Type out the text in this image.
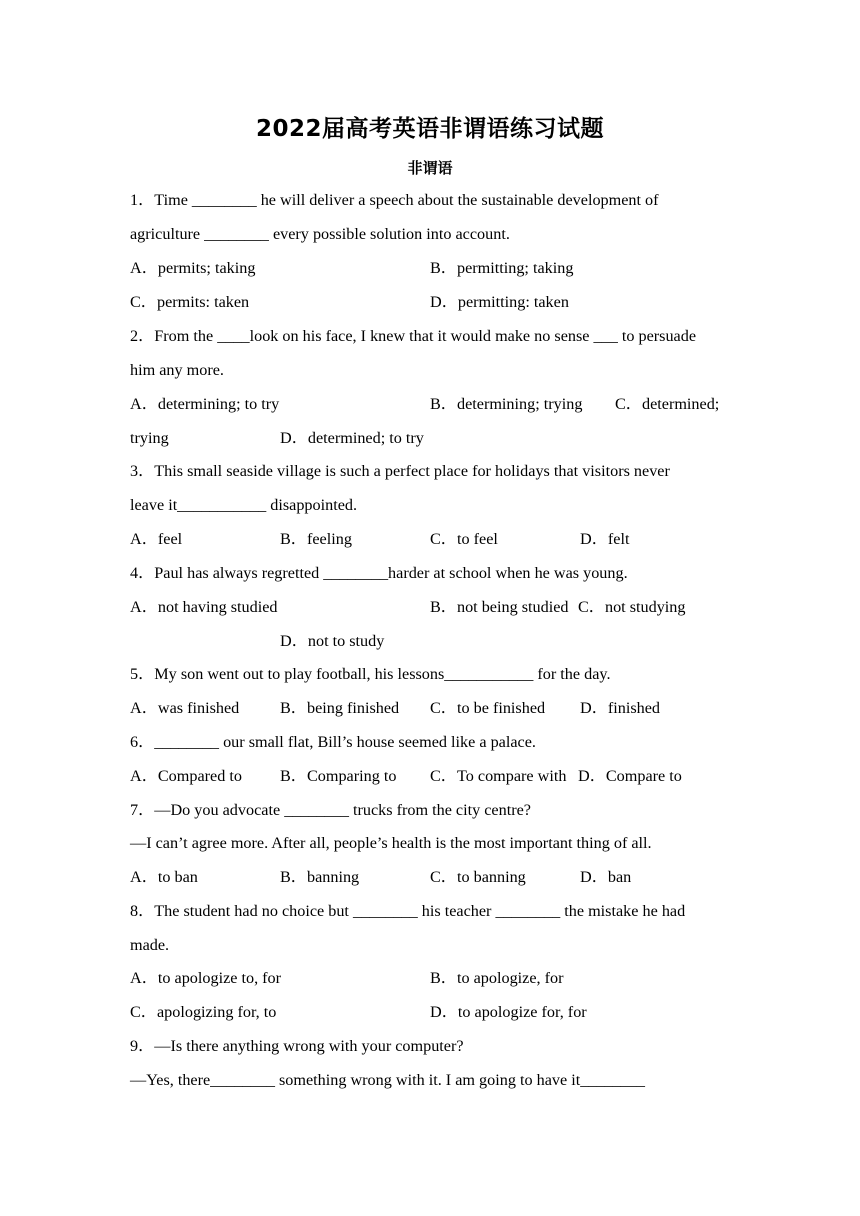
2022届高考英语非谓语练习试题
非谓语
1．Time ________ he will deliver a speech about the sustainable development of
agriculture ________ every possible solution into account.
A．permits; taking	B．permitting; taking
C．permits: taken	D．permitting: taken
2．From the ____look on his face, I knew that it would make no sense ___ to persuade
him any more.
A．determining; to try	B．determining; trying C．determined;
trying	D．determined; to try
3．This small seaside village is such a perfect place for holidays that visitors never
leave it___________ disappointed.
A．feel	B．feeling	C．to feel	D．felt
4．Paul has always regretted ________harder at school when he was young.
A．not having studied	B．not being studied C．not studying
D．not to study
5．My son went out to play football, his lessons___________ for the day.
A．was finished	B．being finished C．to be finished D．finished
6．________ our small flat, Bill’s house seemed like a palace.
A．Compared to B．Comparing to C．To compare with D．Compare to
7．—Do you advocate ________ trucks from the city centre?
—I can’t agree more. After all, people’s health is the most important thing of all.
A．to ban	B．banning	C．to banning	D．ban
8．The student had no choice but ________ his teacher ________ the mistake he had
made.
A．to apologize to, for	B．to apologize, for
C．apologizing for, to	D．to apologize for, for
9．—Is there anything wrong with your computer?
—Yes, there________ something wrong with it. I am going to have it________
